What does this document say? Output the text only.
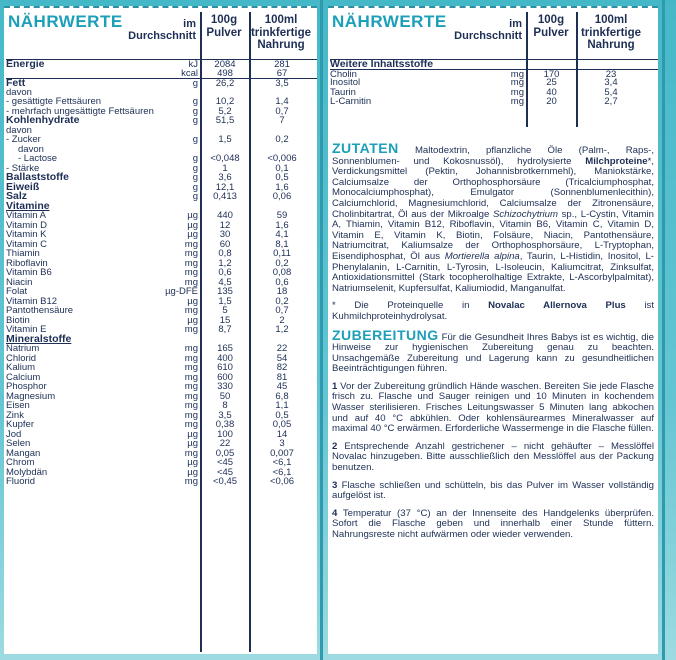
NÄHRWERTE	im Durchschnitt
100g Pulver
100ml trinkfertige Nahrung
Energie	kJ	2084	281
kcal	498	67
Fett	g	26,2	3,5
davon
- gesättigte Fettsäuren	g	10,2	1,4
- mehrfach ungesättigte Fettsäuren	g	5,2	0,7
Kohlenhydrate	g	51,5	7
davon
- Zucker	g	1,5	0,2
davon
- Lactose	g	<0,048	<0,006
- Stärke	g	1	0,1
Ballaststoffe	g	3,6	0,5
Eiweiß	g	12,1	1,6
Salz	g	0,413	0,06
Vitamine
Vitamin A	µg	440	59
Vitamin D	µg	12	1,6
Vitamin K	µg	30	4,1
Vitamin C	mg	60	8,1
Thiamin	mg	0,8	0,11
Riboflavin	mg	1,2	0,2
Vitamin B6	mg	0,6	0,08
Niacin	mg	4,5	0,6
Folat	µg-DFE	135	18
Vitamin B12	µg	1,5	0,2
Pantothensäure	mg	5	0,7
Biotin	µg	15	2
Vitamin E	mg	8,7	1,2
Mineralstoffe
Natrium	mg	165	22
Chlorid	mg	400	54
Kalium	mg	610	82
Calcium	mg	600	81
Phosphor	mg	330	45
Magnesium	mg	50	6,8
Eisen	mg	8	1,1
Zink	mg	3,5	0,5
Kupfer	mg	0,38	0,05
Jod	µg	100	14
Selen	µg	22	3
Mangan	mg	0,05	0,007
Chrom	µg	<45	<6,1
Molybdän	µg	<45	<6,1
Fluorid	mg	<0,45	<0,06
NÄHRWERTE	im Durchschnitt
100g Pulver
100ml trinkfertige Nahrung
Weitere Inhaltsstoffe
Cholin	mg	170	23
Inositol	mg	25	3,4
Taurin	mg	40	5,4
L-Carnitin	mg	20	2,7

ZUTATEN Maltodextrin, pflanzliche Öle (Palm-, Raps-, Sonnenblumen- und Kokosnussöl), hydrolysierte Milchproteine*, Verdickungsmittel (Pektin, Johannisbrotkernmehl), Maniokstärke, Calciumsalze der Orthophosphorsäure (Tricalciumphosphat, Monocalciumphosphat), Emulgator (Sonnenblumenlecithin), Calciumchlorid, Magnesiumchlorid, Calciumsalze der Zitronensäure, Cholinbitartrat, Öl aus der Mikroalge Schizochytrium sp., L-Cystin, Vitamin A, Thiamin, Vitamin B12, Riboflavin, Vitamin B6, Vitamin C, Vitamin D, Vitamin E, Vitamin K, Biotin, Folsäure, Niacin, Pantothensäure, Natriumcitrat, Kaliumsalze der Orthophosphorsäure, L-Tryptophan, Eisendiphosphat, Öl aus Mortierella alpina, Taurin, L-Histidin, Inositol, L-Phenylalanin, L-Carnitin, L-Tyrosin, L-Isoleucin, Kaliumcitrat, Zinksulfat, Antioxidationsmittel (Stark tocopherolhaltige Extrakte, L-Ascorbylpalmitat), Natriumselenit, Kupfersulfat, Kaliumiodid, Manganulfat.

* Die Proteinquelle in Novalac Allernova Plus ist Kuhmilchproteinhydrolysat.

ZUBEREITUNG Für die Gesundheit Ihres Babys ist es wichtig, die Hinweise zur hygienischen Zubereitung genau zu beachten. Unsachgemäße Zubereitung und Lagerung kann zu gesundheitlichen Beeinträchtigungen führen.

1 Vor der Zubereitung gründlich Hände waschen. Bereiten Sie jede Flasche frisch zu. Flasche und Sauger reinigen und 10 Minuten in kochendem Wasser sterilisieren. Frisches Leitungswasser 5 Minuten lang abkochen und auf 40 °C abkühlen. Oder kohlensäurearmes Mineralwasser auf maximal 40 °C erwärmen. Erforderliche Wassermenge in die Flasche füllen.

2 Entsprechende Anzahl gestrichener – nicht gehäufter – Messlöffel Novalac hinzugeben. Bitte ausschließlich den Messlöffel aus der Packung benutzen.

3 Flasche schließen und schütteln, bis das Pulver im Wasser vollständig aufgelöst ist.

4 Temperatur (37 °C) an der Innenseite des Handgelenks überprüfen. Sofort die Flasche geben und innerhalb einer Stunde füttern. Nahrungsreste nicht aufwärmen oder wieder verwenden.
